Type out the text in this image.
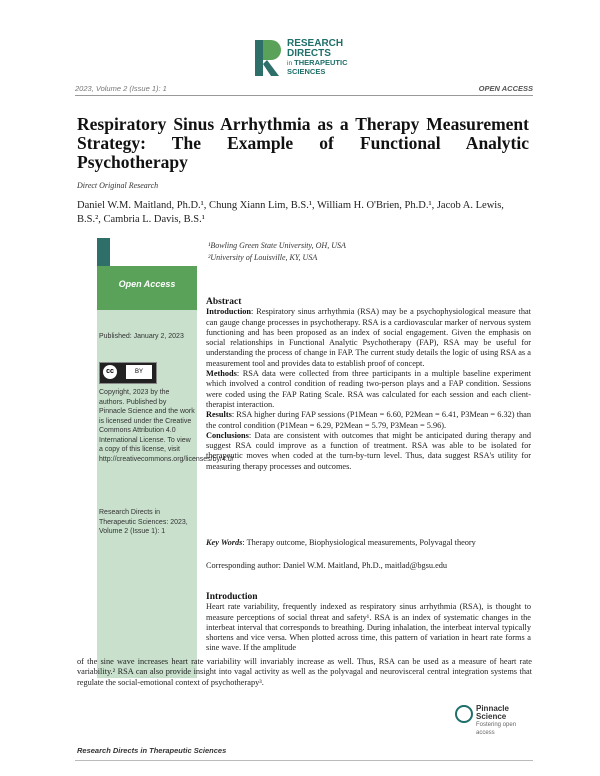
RESEARCH
DIRECTS
in THERAPEUTIC
SCIENCES
2023, Volume 2 (Issue 1): 1	OPEN ACCESS
Respiratory Sinus Arrhythmia as a Therapy Measurement Strategy: The Example of Functional Analytic Psychotherapy
Direct Original Research
Daniel W.M. Maitland, Ph.D.¹, Chung Xiann Lim, B.S.¹, William H. O'Brien, Ph.D.¹, Jacob A. Lewis, B.S.², Cambria L. Davis, B.S.¹
¹Bowling Green State University, OH, USA
²University of Louisville, KY, USA
Open Access
Published: January 2, 2023
cc	BY
Copyright, 2023 by the authors. Published by Pinnacle Science and the work is licensed under the Creative Commons Attribution 4.0 International License. To view a copy of this license, visit http://creativecommons.org/licenses/by/4.0/
Research Directs in Therapeutic Sciences: 2023, Volume 2 (Issue 1): 1
Abstract
Introduction: Respiratory sinus arrhythmia (RSA) may be a psychophysiological measure that can gauge change processes in psychotherapy. RSA is a cardiovascular marker of nervous system functioning and has been proposed as an index of social engagement. Given the emphasis on social relationships in Functional Analytic Psychotherapy (FAP), RSA may be useful for understanding the process of change in FAP. The current study details the logic of using RSA as a measurement tool and provides data to establish proof of concept.
Methods: RSA data were collected from three participants in a multiple baseline experiment which involved a control condition of reading two-person plays and a FAP condition. Sessions were coded using the FAP Rating Scale. RSA was calculated for each session and each client-therapist interaction.
Results: RSA higher during FAP sessions (P1Mean = 6.60, P2Mean = 6.41, P3Mean = 6.32) than the control condition (P1Mean = 6.29, P2Mean = 5.79, P3Mean = 5.96).
Conclusions: Data are consistent with outcomes that might be anticipated during therapy and suggest RSA could improve as a function of treatment. RSA was able to be isolated for therapeutic moves when coded at the turn-by-turn level. Thus, data suggest RSA's utility for measuring therapy processes and outcomes.
Key Words: Therapy outcome, Biophysiological measurements, Polyvagal theory
Corresponding author: Daniel W.M. Maitland, Ph.D., maitlad@bgsu.edu
Introduction
Heart rate variability, frequently indexed as respiratory sinus arrhythmia (RSA), is thought to measure perceptions of social threat and safety¹. RSA is an index of systematic changes in the interbeat interval that corresponds to breathing. During inhalation, the interbeat interval typically shortens and vice versa. When plotted across time, this pattern of variation in heart rate forms a sine wave. If the amplitude
of the sine wave increases heart rate variability will invariably increase as well. Thus, RSA can be used as a measure of heart rate variability.² RSA can also provide insight into vagal activity as well as the polyvagal and neurovisceral central integration systems that regulate the social-emotional context of psychotherapy³.
Pinnacle Science
Fostering open access
Research Directs in Therapeutic Sciences
